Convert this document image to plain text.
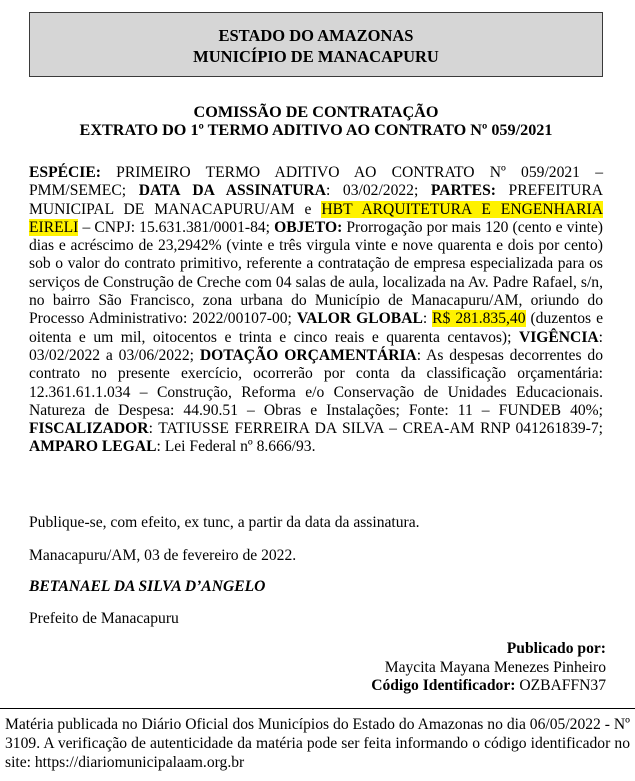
ESTADO DO AMAZONAS
MUNICÍPIO DE MANACAPURU
COMISSÃO DE CONTRATAÇÃO
EXTRATO DO 1º TERMO ADITIVO AO CONTRATO Nº 059/2021
ESPÉCIE: PRIMEIRO TERMO ADITIVO AO CONTRATO Nº 059/2021 – PMM/SEMEC; DATA DA ASSINATURA: 03/02/2022; PARTES: PREFEITURA MUNICIPAL DE MANACAPURU/AM e HBT ARQUITETURA E ENGENHARIA EIRELI – CNPJ: 15.631.381/0001-84; OBJETO: Prorrogação por mais 120 (cento e vinte) dias e acréscimo de 23,2942% (vinte e três virgula vinte e nove quarenta e dois por cento) sob o valor do contrato primitivo, referente a contratação de empresa especializada para os serviços de Construção de Creche com 04 salas de aula, localizada na Av. Padre Rafael, s/n, no bairro São Francisco, zona urbana do Município de Manacapuru/AM, oriundo do Processo Administrativo: 2022/00107-00; VALOR GLOBAL: R$ 281.835,40 (duzentos e oitenta e um mil, oitocentos e trinta e cinco reais e quarenta centavos); VIGÊNCIA: 03/02/2022 a 03/06/2022; DOTAÇÃO ORÇAMENTÁRIA: As despesas decorrentes do contrato no presente exercício, ocorrerão por conta da classificação orçamentária: 12.361.61.1.034 – Construção, Reforma e/o Conservação de Unidades Educacionais. Natureza de Despesa: 44.90.51 – Obras e Instalações; Fonte: 11 – FUNDEB 40%; FISCALIZADOR: TATIUSSE FERREIRA DA SILVA – CREA-AM RNP 041261839-7; AMPARO LEGAL: Lei Federal nº 8.666/93.
Publique-se, com efeito, ex tunc, a partir da data da assinatura.
Manacapuru/AM, 03 de fevereiro de 2022.
BETANAEL DA SILVA D’ANGELO
Prefeito de Manacapuru
Publicado por:
Maycita Mayana Menezes Pinheiro
Código Identificador: OZBAFFN37
Matéria publicada no Diário Oficial dos Municípios do Estado do Amazonas no dia 06/05/2022 - Nº 3109. A verificação de autenticidade da matéria pode ser feita informando o código identificador no site: https://diariomunicipalaam.org.br
